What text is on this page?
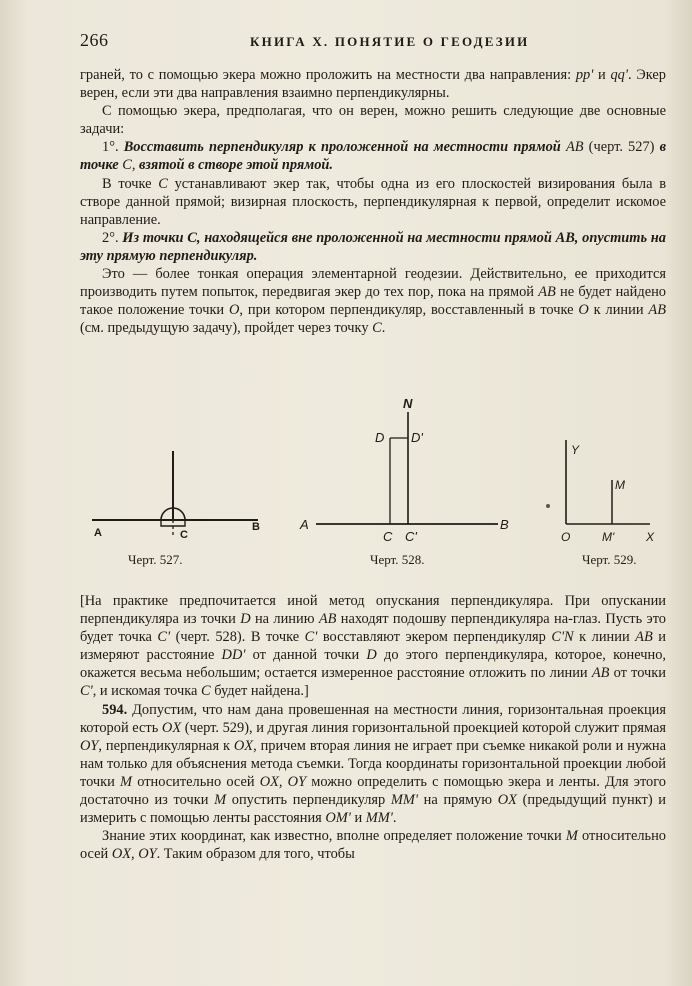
266	КНИГА X. ПОНЯТИЕ О ГЕОДЕЗИИ

граней, то с помощью экера можно проложить на местности два направления: pp' и qq'. Экер верен, если эти два направления взаимно перпендикулярны.

С помощью экера, предполагая, что он верен, можно решить следующие две основные задачи:

1°. Восставить перпендикуляр к проложенной на местности прямой AB (черт. 527) в точке C, взятой в створе этой прямой.

В точке C устанавливают экер так, чтобы одна из его плоскостей визирования была в створе данной прямой; визирная плоскость, перпендикулярная к первой, определит искомое направление.

2°. Из точки C, находящейся вне проложенной на местности прямой AB, опустить на эту прямую перпендикуляр.

Это — более тонкая операция элементарной геодезии. Действительно, ее приходится производить путем попыток, передвигая экер до тех пор, пока на прямой AB не будет найдено такое положение точки O, при котором перпендикуляр, восставленный в точке O к линии AB (см. предыдущую задачу), пройдет через точку C.

A	B
C
N
D D'
A	B
C C'
Y
M
O	M'	X
Черт. 527.	Черт. 528.	Черт. 529.

[На практике предпочитается иной метод опускания перпендикуляра. При опускании перпендикуляра из точки D на линию AB находят подошву перпендикуляра на-глаз. Пусть это будет точка C' (черт. 528). В точке C' восставляют экером перпендикуляр C'N к линии AB и измеряют расстояние DD' от данной точки D до этого перпендикуляра, которое, конечно, окажется весьма небольшим; остается измеренное расстояние отложить по линии AB от точки C', и искомая точка C будет найдена.]

594. Допустим, что нам дана провешенная на местности линия, горизонтальная проекция которой есть OX (черт. 529), и другая линия горизонтальной проекцией которой служит прямая OY, перпендикулярная к OX, причем вторая линия не играет при съемке никакой роли и нужна нам только для объяснения метода съемки. Тогда координаты горизонтальной проекции любой точки M относительно осей OX, OY можно определить с помощью экера и ленты. Для этого достаточно из точки M опустить перпендикуляр MM' на прямую OX (предыдущий пункт) и измерить с помощью ленты расстояния OM' и MM'.

Знание этих координат, как известно, вполне определяет положение точки M относительно осей OX, OY. Таким образом для того, чтобы
